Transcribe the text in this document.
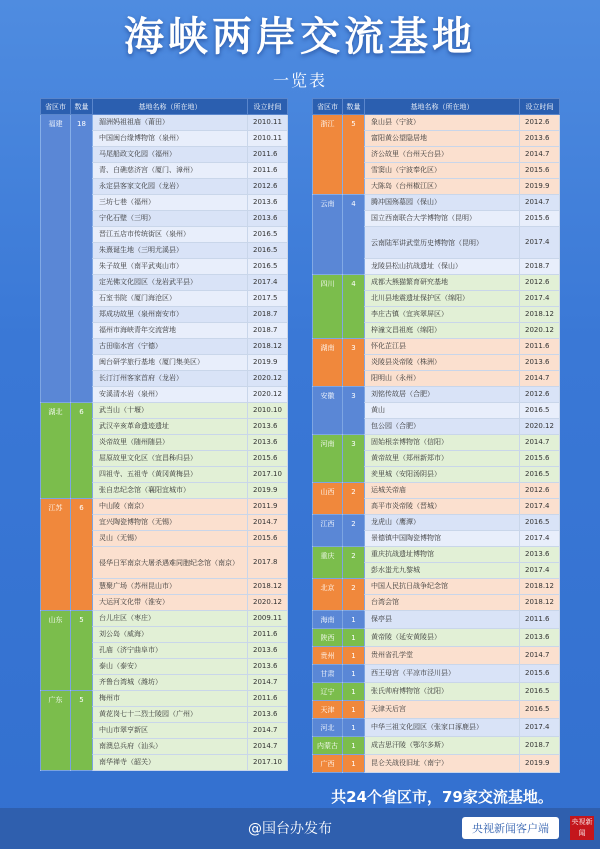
海峡两岸交流基地
一览表
省区市	数量	基地名称（所在地）	设立时间
福建	18	湄洲妈祖祖庙（莆田）	2010.11
		中国闽台缘博物馆（泉州）	2010.11
		马尾船政文化园（福州）	2011.6
		青、白礁慈济宫（厦门、漳州）	2011.6
		永定县客家文化园（龙岩）	2012.6
		三坊七巷（福州）	2013.6
		宁化石壁（三明）	2013.6
		晋江五店市传统街区（泉州）	2016.5
		朱熹诞生地（三明尤溪县）	2016.5
		朱子故里（南平武夷山市）	2016.5
		定光佛文化园区（龙岩武平县）	2017.4
		石室书院（厦门海沧区）	2017.5
		郑成功故里（泉州南安市）	2018.7
		福州市海峡青年交流营地	2018.7
		古田临水宫（宁德）	2018.12
		闽台研学旅行基地（厦门集美区）	2019.9
		长汀汀州客家首府（龙岩）	2020.12
		安溪清水岩（泉州）	2020.12
湖北	6	武当山（十堰）	2010.10
		武汉辛亥革命遗迹遗址	2013.6
		炎帝故里（随州随县）	2013.6
		屈原故里文化区（宜昌秭归县）	2015.6
		四祖寺、五祖寺（黄冈黄梅县）	2017.10
		张自忠纪念馆（襄阳宜城市）	2019.9
江苏	6	中山陵（南京）	2011.9
		宜兴陶瓷博物馆（无锡）	2014.7
		灵山（无锡）	2015.6
		侵华日军南京大屠杀遇难同胞纪念馆（南京）	2017.8
		慧聚广场（苏州昆山市）	2018.12
		大运河文化带（淮安）	2020.12
山东	5	台儿庄区（枣庄）	2009.11
		刘公岛（威海）	2011.6
		孔庙（济宁曲阜市）	2013.6
		泰山（泰安）	2013.6
		齐鲁台湾城（潍坊）	2014.7
广东	5	梅州市	2011.6
		黄花岗七十二烈士陵园（广州）	2013.6
		中山市翠亨新区	2014.7
		南澳总兵府（汕头）	2014.7
		南华禅寺（韶关）	2017.10
省区市	数量	基地名称（所在地）	设立时间
浙江	5	象山县（宁波）	2012.6
		富阳黄公望隐居地	2013.6
		济公故里（台州天台县）	2014.7
		雪窦山（宁波奉化区）	2015.6
		大陈岛（台州椒江区）	2019.9
云南	4	腾冲国殇墓园（保山）	2014.7
		国立西南联合大学博物馆（昆明）	2015.6
		云南陆军讲武堂历史博物馆（昆明）	2017.4
		龙陵县松山抗战遗址（保山）	2018.7
四川	4	成都大熊猫繁育研究基地	2012.6
		北川县地震遗址保护区（绵阳）	2017.4
		李庄古镇（宜宾翠屏区）	2018.12
		梓潼文昌祖庭（绵阳）	2020.12
湖南	3	怀化芷江县	2011.6
		炎陵县炎帝陵（株洲）	2013.6
		阳明山（永州）	2014.7
安徽	3	刘铭传故居（合肥）	2012.6
		黄山	2016.5
		包公园（合肥）	2020.12
河南	3	固始根亲博物馆（信阳）	2014.7
		黄帝故里（郑州新郑市）	2015.6
		羑里城（安阳汤阴县）	2016.5
山西	2	运城关帝庙	2012.6
		高平市炎帝陵（晋城）	2017.4
江西	2	龙虎山（鹰潭）	2016.5
		景德镇中国陶瓷博物馆	2017.4
重庆	2	重庆抗战遗址博物馆	2013.6
		彭水蚩尤九黎城	2017.4
北京	2	中国人民抗日战争纪念馆	2018.12
		台湾会馆	2018.12
海南	1	保亭县	2011.6
陕西	1	黄帝陵（延安黄陵县）	2013.6
贵州	1	贵州省孔学堂	2014.7
甘肃	1	西王母宫（平凉市泾川县）	2015.6
辽宁	1	张氏帅府博物馆（沈阳）	2016.5
天津	1	天津天后宫	2016.5
河北	1	中华三祖文化园区（张家口涿鹿县）	2017.4
内蒙古	1	成吉思汗陵（鄂尔多斯）	2018.7
广西	1	昆仑关战役旧址（南宁）	2019.9
共24个省区市，79家交流基地。
@国台办发布	央视新闻客户端	央视新闻
